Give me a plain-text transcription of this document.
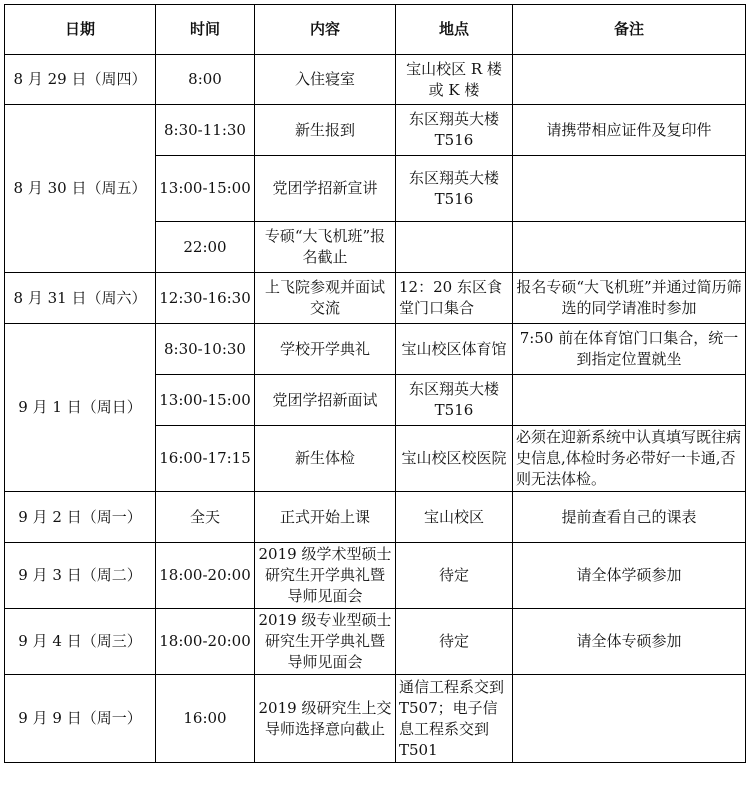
日期	时间	内容	地点	备注
8 月 29 日（周四）	8:00	入住寝室	宝山校区 R 楼或 K 楼	
8 月 30 日（周五）	8:30-11:30	新生报到	东区翔英大楼T516	请携带相应证件及复印件
	13:00-15:00	党团学招新宣讲	东区翔英大楼T516	
	22:00	专硕“大飞机班”报名截止		
8 月 31 日（周六）	12:30-16:30	上飞院参观并面试交流	12：20 东区食堂门口集合	报名专硕“大飞机班”并通过简历筛选的同学请准时参加
9 月 1 日（周日）	8:30-10:30	学校开学典礼	宝山校区体育馆	7:50 前在体育馆门口集合，统一到指定位置就坐
	13:00-15:00	党团学招新面试	东区翔英大楼T516	
	16:00-17:15	新生体检	宝山校区校医院	必须在迎新系统中认真填写既往病史信息,体检时务必带好一卡通,否则无法体检。
9 月 2 日（周一）	全天	正式开始上课	宝山校区	提前查看自己的课表
9 月 3 日（周二）	18:00-20:00	2019 级学术型硕士研究生开学典礼暨导师见面会	待定	请全体学硕参加
9 月 4 日（周三）	18:00-20:00	2019 级专业型硕士研究生开学典礼暨导师见面会	待定	请全体专硕参加
9 月 9 日（周一）	16:00	2019 级研究生上交导师选择意向截止	通信工程系交到 T507；电子信息工程系交到 T501	
